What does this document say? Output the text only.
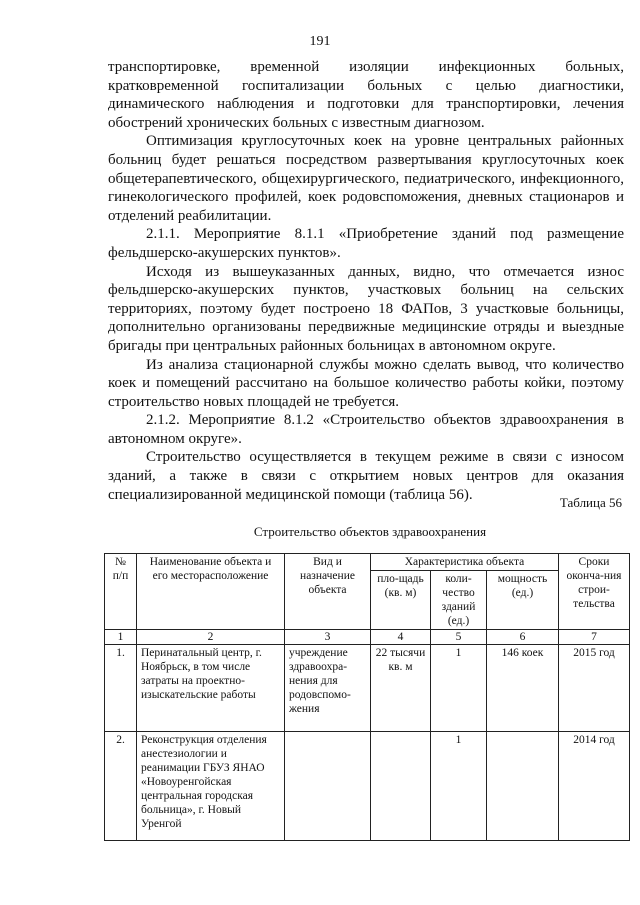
191

транспортировке, временной изоляции инфекционных больных, кратковременной госпитализации больных с целью диагностики, динамического наблюдения и подготовки для транспортировки, лечения обострений хронических больных с известным диагнозом.

Оптимизация круглосуточных коек на уровне центральных районных больниц будет решаться посредством развертывания круглосуточных коек общетерапевтического, общехирургического, педиатрического, инфекционного, гинекологического профилей, коек родовспоможения, дневных стационаров и отделений реабилитации.

2.1.1. Мероприятие 8.1.1 «Приобретение зданий под размещение фельдшерско-акушерских пунктов».

Исходя из вышеуказанных данных, видно, что отмечается износ фельдшерско-акушерских пунктов, участковых больниц на сельских территориях, поэтому будет построено 18 ФАПов, 3 участковые больницы, дополнительно организованы передвижные медицинские отряды и выездные бригады при центральных районных больницах в автономном округе.

Из анализа стационарной службы можно сделать вывод, что количество коек и помещений рассчитано на большое количество работы койки, поэтому строительство новых площадей не требуется.

2.1.2. Мероприятие 8.1.2 «Строительство объектов здравоохранения в автономном округе».

Строительство осуществляется в текущем режиме в связи с износом зданий, а также в связи с открытием новых центров для оказания специализированной медицинской помощи (таблица 56).	Таблица 56
Строительство объектов здравоохранения
№ п/п	Наименование объекта и его месторасположение	Вид и назначение объекта	Характеристика объекта			Сроки оконча-ния строи-тельства
			пло-щадь (кв. м)	коли-чество зданий (ед.)	мощность (ед.)	
1	2	3	4	5	6	7
1.	Перинатальный центр, г. Ноябрьск, в том числе затраты на проектно-изыскательские работы	учреждение здравоохра-нения для родовспомо-жения	22 тысячи кв. м	1	146 коек	2015 год
2.	Реконструкция отделения анестезиологии и реанимации ГБУЗ ЯНАО «Новоуренгойская центральная городская больница», г. Новый Уренгой			1		2014 год
